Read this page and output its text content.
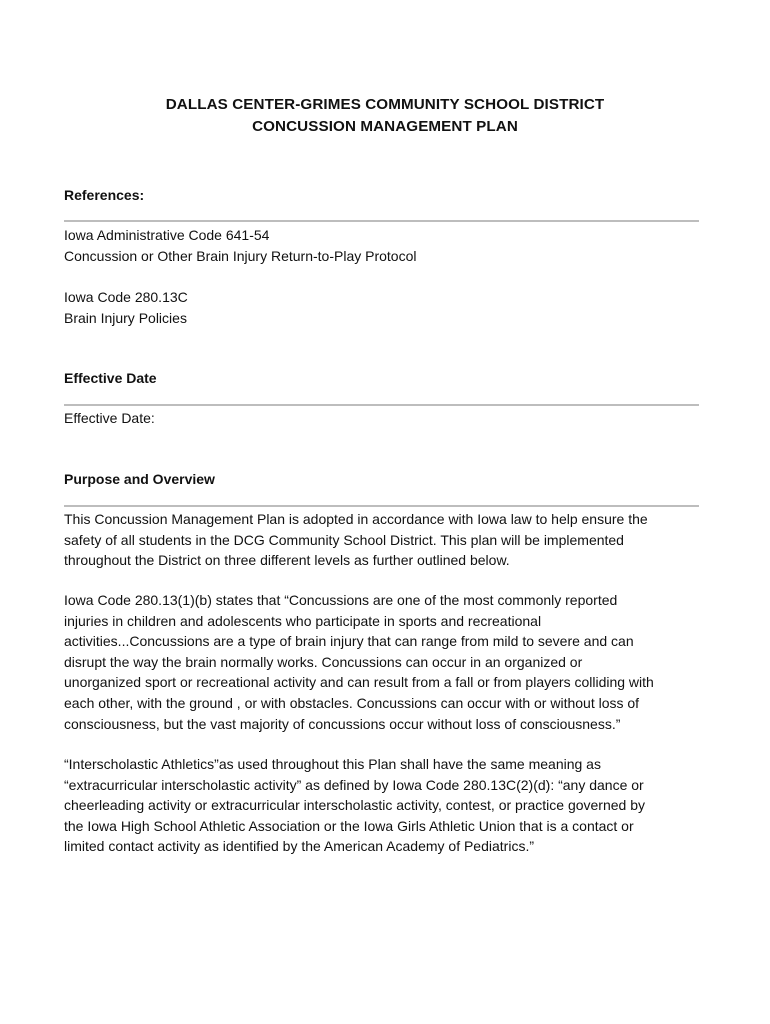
DALLAS CENTER-GRIMES COMMUNITY SCHOOL DISTRICT
CONCUSSION MANAGEMENT PLAN
References:
Iowa Administrative Code 641-54
Concussion or Other Brain Injury Return-to-Play Protocol
Iowa Code 280.13C
Brain Injury Policies
Effective Date
Effective Date:
Purpose and Overview
This Concussion Management Plan is adopted in accordance with Iowa law to help ensure the
safety of all students in the DCG Community School District. This plan will be implemented
throughout the District on three different levels as further outlined below.
Iowa Code 280.13(1)(b) states that “Concussions are one of the most commonly reported
injuries in children and adolescents who participate in sports and recreational
activities...Concussions are a type of brain injury that can range from mild to severe and can
disrupt the way the brain normally works. Concussions can occur in an organized or
unorganized sport or recreational activity and can result from a fall or from players colliding with
each other, with the ground , or with obstacles. Concussions can occur with or without loss of
consciousness, but the vast majority of concussions occur without loss of consciousness.”
“Interscholastic Athletics”as used throughout this Plan shall have the same meaning as
“extracurricular interscholastic activity” as defined by Iowa Code 280.13C(2)(d): “any dance or
cheerleading activity or extracurricular interscholastic activity, contest, or practice governed by
the Iowa High School Athletic Association or the Iowa Girls Athletic Union that is a contact or
limited contact activity as identified by the American Academy of Pediatrics.”
